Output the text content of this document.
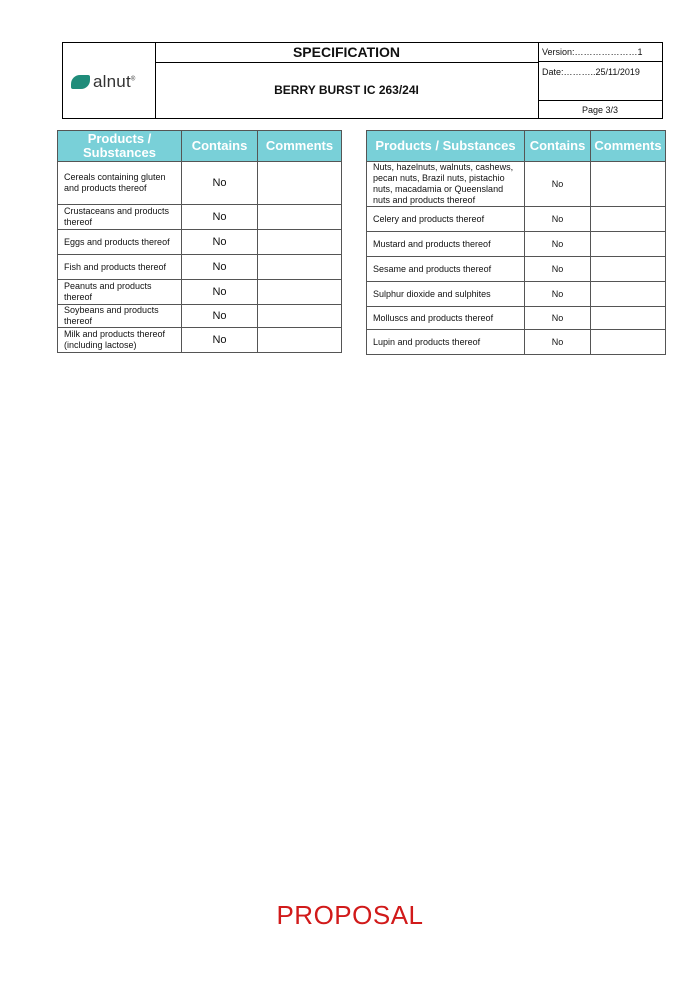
alnut®
SPECIFICATION
BERRY BURST IC 263/24I
Version:…………………1
Date:………..25/11/2019
Page 3/3
Products / Substances	Contains	Comments
Cereals containing gluten and products thereof	No	
Crustaceans and products thereof	No	
Eggs and products thereof	No	
Fish and products thereof	No	
Peanuts and products thereof	No	
Soybeans and products thereof	No	
Milk and products thereof (including lactose)	No	
Products / Substances	Contains	Comments
Nuts, hazelnuts, walnuts, cashews, pecan nuts, Brazil nuts, pistachio nuts, macadamia or Queensland nuts and products thereof	No	
Celery and products thereof	No	
Mustard and products thereof	No	
Sesame and products thereof	No	
Sulphur dioxide and sulphites	No	
Molluscs and products thereof	No	
Lupin and products thereof	No	
PROPOSAL
